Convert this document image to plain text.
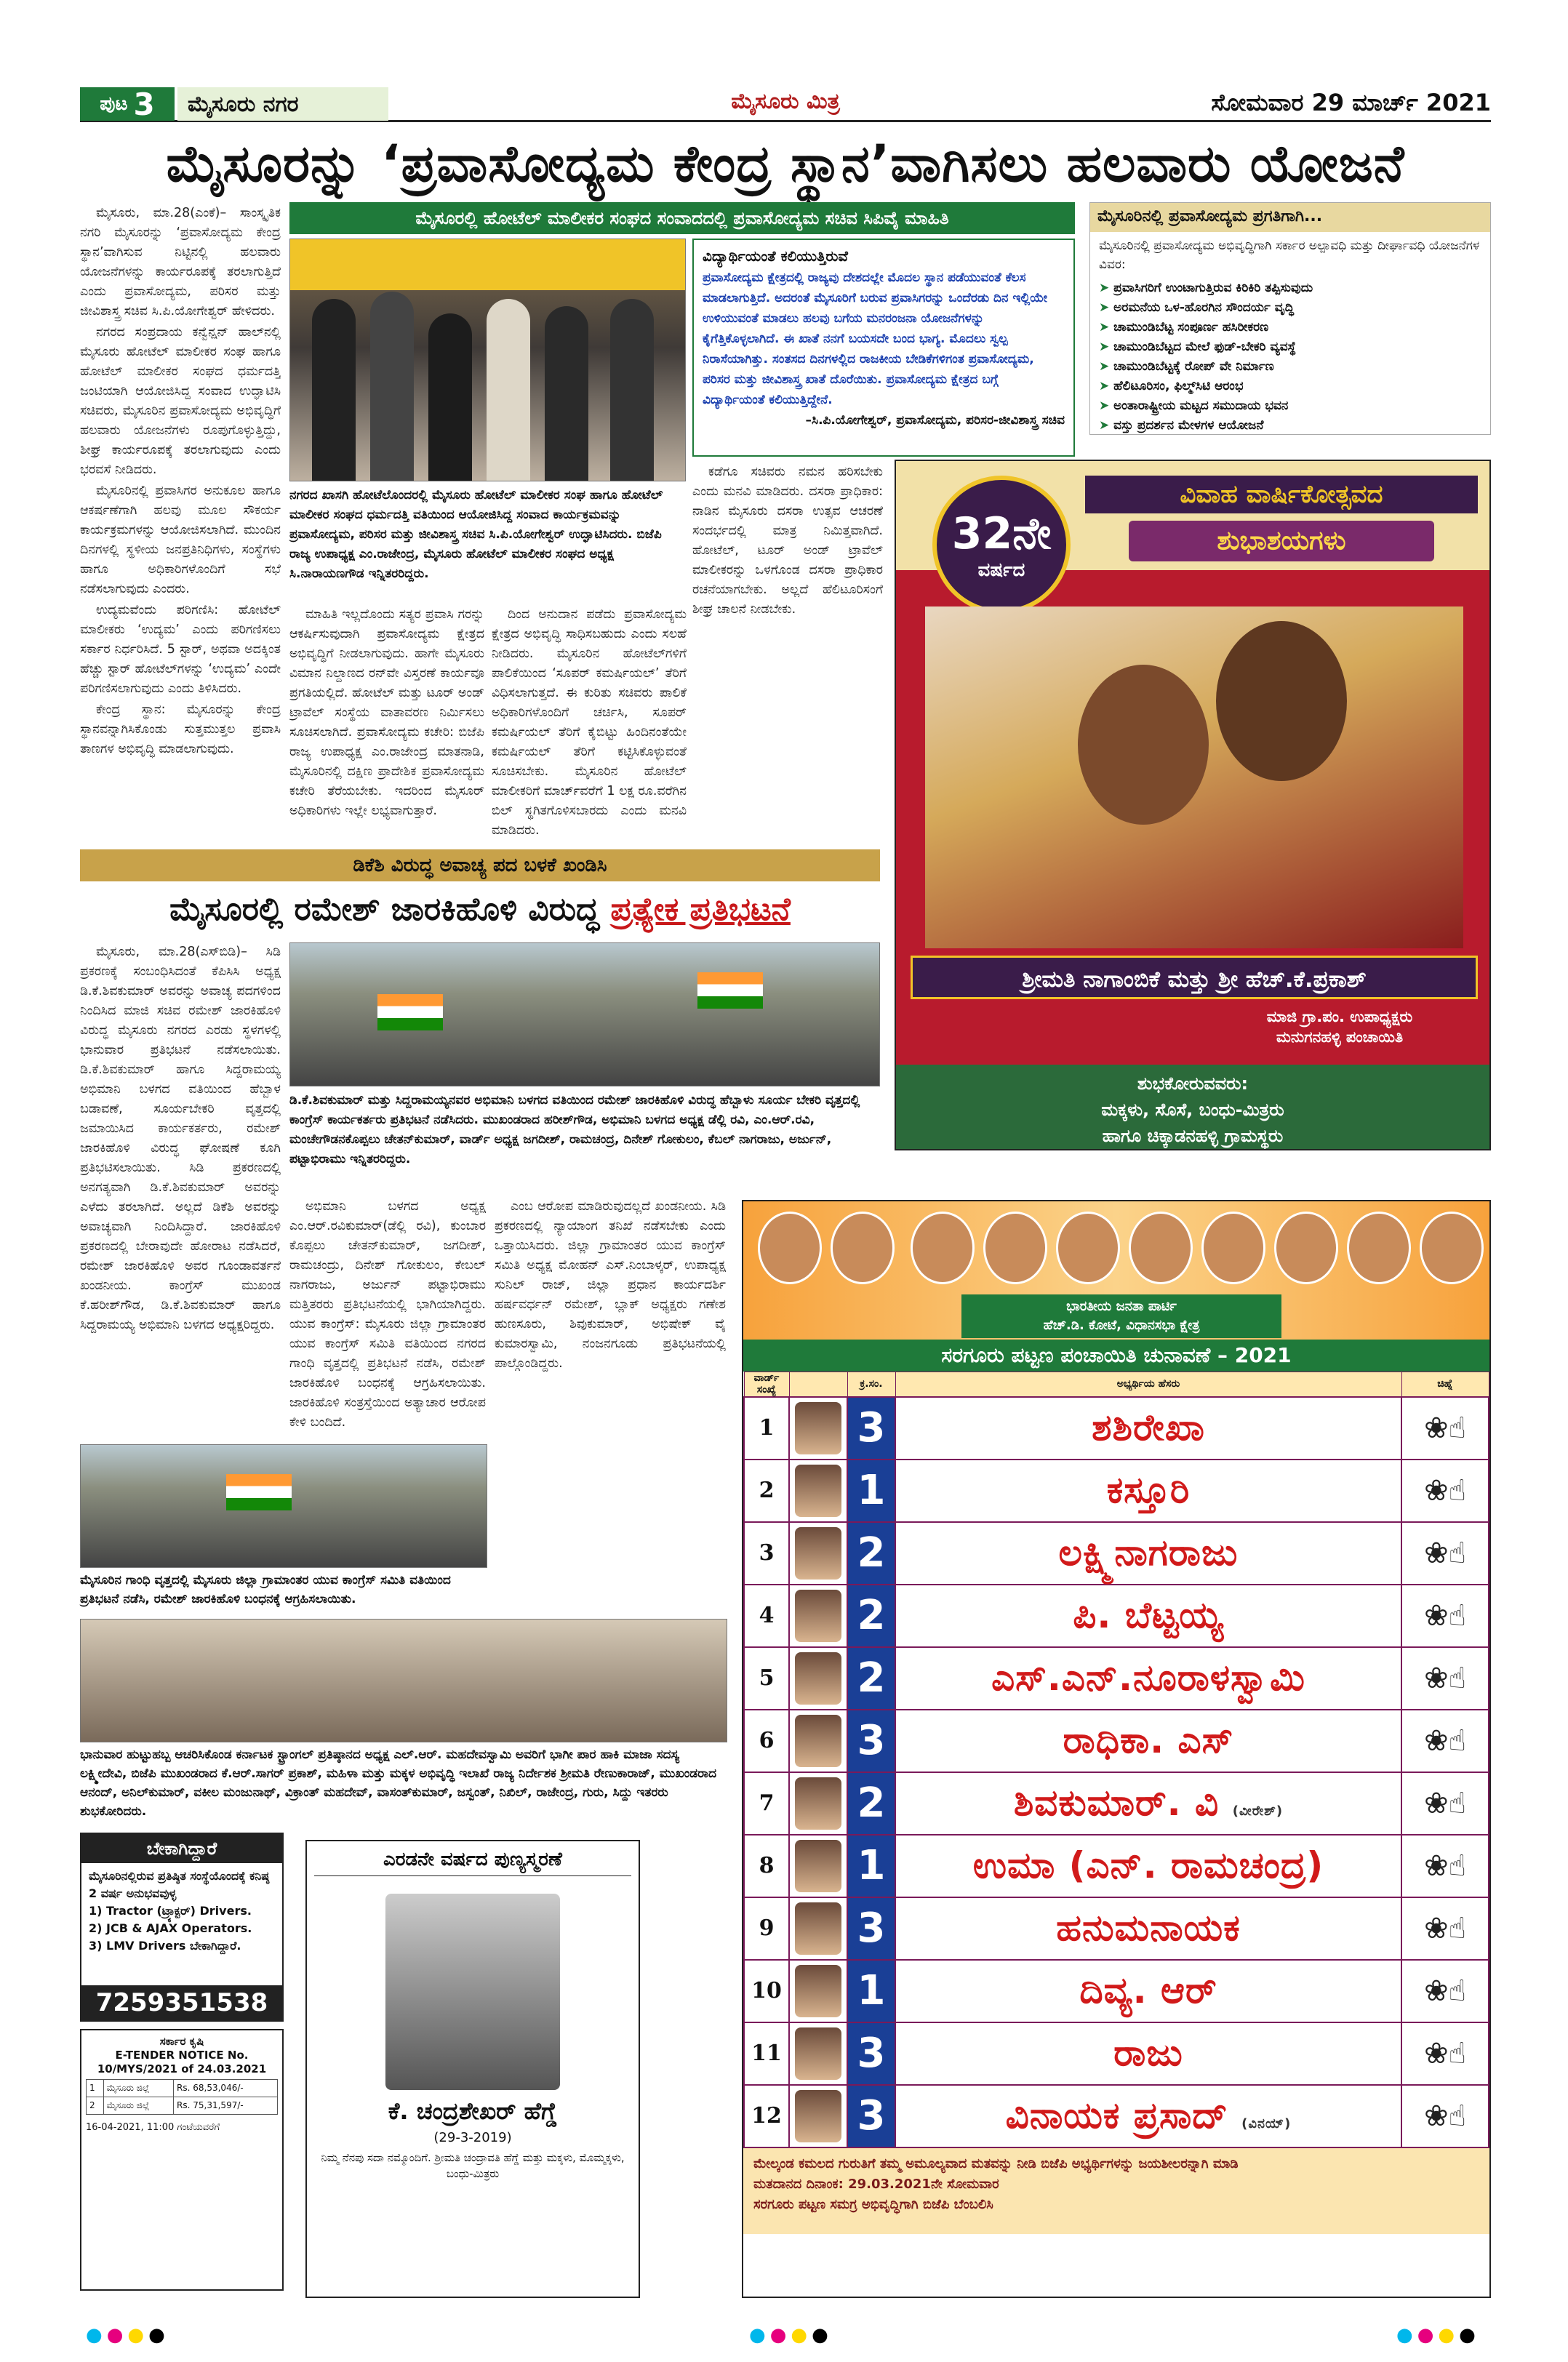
ಪುಟ 3	ಮೈಸೂರು ನಗರ	ಮೈಸೂರು ಮಿತ್ರ	ಸೋಮವಾರ 29 ಮಾರ್ಚ್ 2021
ಮೈಸೂರನ್ನು ‘ಪ್ರವಾಸೋದ್ಯಮ ಕೇಂದ್ರ ಸ್ಥಾನ’ವಾಗಿಸಲು ಹಲವಾರು ಯೋಜನೆ

ಮೈಸೂರು, ಮಾ.28(ಎಂಕೆ)– ಸಾಂಸ್ಕೃತಿಕ ನಗರಿ ಮೈಸೂರನ್ನು ‘ಪ್ರವಾಸೋದ್ಯಮ ಕೇಂದ್ರ ಸ್ಥಾನ’ವಾಗಿಸುವ ನಿಟ್ಟಿನಲ್ಲಿ ಹಲವಾರು ಯೋಜನೆಗಳನ್ನು ಕಾರ್ಯರೂಪಕ್ಕೆ ತರಲಾಗುತ್ತಿದೆ ಎಂದು ಪ್ರವಾಸೋದ್ಯಮ, ಪರಿಸರ ಮತ್ತು ಜೀವಿಶಾಸ್ತ್ರ ಸಚಿವ ಸಿ.ಪಿ.ಯೋಗೇಶ್ವರ್ ಹೇಳಿದರು.

ನಗರದ ಸಂಪ್ರದಾಯ ಕನ್ವೆನ್ಷನ್ ಹಾಲ್‌ನಲ್ಲಿ ಮೈಸೂರು ಹೋಟೆಲ್ ಮಾಲೀಕರ ಸಂಘ ಹಾಗೂ ಹೋಟೆಲ್ ಮಾಲೀಕರ ಸಂಘದ ಧರ್ಮದತ್ತಿ ಜಂಟಿಯಾಗಿ ಆಯೋಜಿಸಿದ್ದ ಸಂವಾದ ಉದ್ಘಾಟಿಸಿ ಸಚಿವರು, ಮೈಸೂರಿನ ಪ್ರವಾಸೋದ್ಯಮ ಅಭಿವೃದ್ಧಿಗೆ ಹಲವಾರು ಯೋಜನೆಗಳು ರೂಪುಗೊಳ್ಳುತ್ತಿದ್ದು, ಶೀಘ್ರ ಕಾರ್ಯರೂಪಕ್ಕೆ ತರಲಾಗುವುದು ಎಂದು ಭರವಸೆ ನೀಡಿದರು.

ಮೈಸೂರಿನಲ್ಲಿ ಪ್ರವಾಸಿಗರ ಅನುಕೂಲ ಹಾಗೂ ಆಕರ್ಷಣೆಗಾಗಿ ಹಲವು ಮೂಲ ಸೌಕರ್ಯ ಕಾರ್ಯಕ್ರಮಗಳನ್ನು ಆಯೋಜಿಸಲಾಗಿದೆ. ಮುಂದಿನ ದಿನಗಳಲ್ಲಿ ಸ್ಥಳೀಯ ಜನಪ್ರತಿನಿಧಿಗಳು, ಸಂಸ್ಥೆಗಳು ಹಾಗೂ ಅಧಿಕಾರಿಗಳೊಂದಿಗೆ ಸಭೆ ನಡೆಸಲಾಗುವುದು ಎಂದರು.

ಉದ್ಯಮವೆಂದು ಪರಿಗಣಿಸಿ: ಹೋಟೆಲ್ ಮಾಲೀಕರು ‘ಉದ್ಯಮ’ ಎಂದು ಪರಿಗಣಿಸಲು ಸರ್ಕಾರ ನಿರ್ಧರಿಸಿದೆ. 5 ಸ್ಟಾರ್, ಅಥವಾ ಅದಕ್ಕಿಂತ ಹೆಚ್ಚು ಸ್ಟಾರ್ ಹೋಟೆಲ್‌ಗಳನ್ನು ‘ಉದ್ಯಮ’ ಎಂದೇ ಪರಿಗಣಿಸಲಾಗುವುದು ಎಂದು ತಿಳಿಸಿದರು.

ಕೇಂದ್ರ ಸ್ಥಾನ: ಮೈಸೂರನ್ನು ಕೇಂದ್ರ ಸ್ಥಾನವನ್ನಾಗಿಸಿಕೊಂಡು ಸುತ್ತಮುತ್ತಲ ಪ್ರವಾಸಿ ತಾಣಗಳ ಅಭಿವೃದ್ಧಿ ಮಾಡಲಾಗುವುದು.

ಮೈಸೂರಲ್ಲಿ ಹೋಟೆಲ್ ಮಾಲೀಕರ ಸಂಘದ ಸಂವಾದದಲ್ಲಿ ಪ್ರವಾಸೋದ್ಯಮ ಸಚಿವ ಸಿಪಿವೈ ಮಾಹಿತಿ
ನಗರದ ಖಾಸಗಿ ಹೋಟೆಲೊಂದರಲ್ಲಿ ಮೈಸೂರು ಹೋಟೆಲ್ ಮಾಲೀಕರ ಸಂಘ ಹಾಗೂ ಹೋಟೆಲ್ ಮಾಲೀಕರ ಸಂಘದ ಧರ್ಮದತ್ತಿ ವತಿಯಿಂದ ಆಯೋಜಿಸಿದ್ದ ಸಂವಾದ ಕಾರ್ಯಕ್ರಮವನ್ನು ಪ್ರವಾಸೋದ್ಯಮ, ಪರಿಸರ ಮತ್ತು ಜೀವಿಶಾಸ್ತ್ರ ಸಚಿವ ಸಿ.ಪಿ.ಯೋಗೇಶ್ವರ್ ಉದ್ಘಾಟಿಸಿದರು. ಬಿಜೆಪಿ ರಾಜ್ಯ ಉಪಾಧ್ಯಕ್ಷ ಎಂ.ರಾಜೇಂದ್ರ, ಮೈಸೂರು ಹೋಟೆಲ್ ಮಾಲೀಕರ ಸಂಘದ ಅಧ್ಯಕ್ಷ ಸಿ.ನಾರಾಯಣಗೌಡ ಇನ್ನಿತರರಿದ್ದರು.
ವಿದ್ಯಾರ್ಥಿಯಂತೆ ಕಲಿಯುತ್ತಿರುವೆ
ಪ್ರವಾಸೋದ್ಯಮ ಕ್ಷೇತ್ರದಲ್ಲಿ ರಾಜ್ಯವು ದೇಶದಲ್ಲೇ ಮೊದಲ ಸ್ಥಾನ ಪಡೆಯುವಂತೆ ಕೆಲಸ ಮಾಡಲಾಗುತ್ತಿದೆ. ಅದರಂತೆ ಮೈಸೂರಿಗೆ ಬರುವ ಪ್ರವಾಸಿಗರನ್ನು ಒಂದೆರಡು ದಿನ ಇಲ್ಲಿಯೇ ಉಳಿಯುವಂತೆ ಮಾಡಲು ಹಲವು ಬಗೆಯ ಮನರಂಜನಾ ಯೋಜನೆಗಳನ್ನು ಕೈಗೆತ್ತಿಕೊಳ್ಳಲಾಗಿದೆ. ಈ ಖಾತೆ ನನಗೆ ಬಯಸದೇ ಬಂದ ಭಾಗ್ಯ. ಮೊದಲು ಸ್ವಲ್ಪ ನಿರಾಸೆಯಾಗಿತ್ತು. ಸಂತಸದ ದಿನಗಳಲ್ಲಿದ ರಾಜಕೀಯ ಬೇಡಿಕೆಗಳಿಗಂತ ಪ್ರವಾಸೋದ್ಯಮ, ಪರಿಸರ ಮತ್ತು ಜೀವಿಶಾಸ್ತ್ರ ಖಾತೆ ದೊರೆಯಿತು. ಪ್ರವಾಸೋದ್ಯಮ ಕ್ಷೇತ್ರದ ಬಗ್ಗೆ ವಿದ್ಯಾರ್ಥಿಯಂತೆ ಕಲಿಯುತ್ತಿದ್ದೇನೆ.
–ಸಿ.ಪಿ.ಯೋಗೇಶ್ವರ್, ಪ್ರವಾಸೋದ್ಯಮ, ಪರಿಸರ-ಜೀವಿಶಾಸ್ತ್ರ ಸಚಿವ

ಕಡೆಗೂ ಸಚಿವರು ನಮನ ಹರಿಸಬೇಕು ಎಂದು ಮನವಿ ಮಾಡಿದರು. ದಸರಾ ಪ್ರಾಧಿಕಾರ: ನಾಡಿನ ಮೈಸೂರು ದಸರಾ ಉತ್ಸವ ಆಚರಣೆ ಸಂದರ್ಭದಲ್ಲಿ ಮಾತ್ರ ನಿಮಿತ್ತವಾಗಿದೆ. ಹೋಟೆಲ್, ಟೂರ್ ಅಂಡ್ ಟ್ರಾವೆಲ್ ಮಾಲೀಕರನ್ನು ಒಳಗೊಂಡ ದಸರಾ ಪ್ರಾಧಿಕಾರ ರಚನೆಯಾಗಬೇಕು. ಅಲ್ಲದೆ ಹೆಲಿಟೂರಿಸಂಗೆ ಶೀಘ್ರ ಚಾಲನೆ ನೀಡಬೇಕು.

ಮಾಹಿತಿ ಇಲ್ಲದೊಂದು ಸತ್ಯರ ಪ್ರವಾಸಿ ಗರನ್ನು ಆಕರ್ಷಿಸುವುದಾಗಿ ಪ್ರವಾಸೋದ್ಯಮ ಕ್ಷೇತ್ರದ ಅಭಿವೃದ್ಧಿಗೆ ನೀಡಲಾಗುವುದು. ಹಾಗೇ ಮೈಸೂರು ವಿಮಾನ ನಿಲ್ದಾಣದ ರನ್‌ವೇ ವಿಸ್ತರಣೆ ಕಾರ್ಯವೂ ಪ್ರಗತಿಯಲ್ಲಿದೆ. ಹೋಟೆಲ್ ಮತ್ತು ಟೂರ್ ಅಂಡ್ ಟ್ರಾವೆಲ್ ಸಂಸ್ಥೆಯ ವಾತಾವರಣ ನಿರ್ಮಿಸಲು ಸೂಚಿಸಲಾಗಿದೆ. ಪ್ರವಾಸೋದ್ಯಮ ಕಚೇರಿ: ಬಿಜೆಪಿ ರಾಜ್ಯ ಉಪಾಧ್ಯಕ್ಷ ಎಂ.ರಾಜೇಂದ್ರ ಮಾತನಾಡಿ, ಮೈಸೂರಿನಲ್ಲಿ ದಕ್ಷಿಣ ಪ್ರಾದೇಶಿಕ ಪ್ರವಾಸೋದ್ಯಮ ಕಚೇರಿ ತೆರೆಯಬೇಕು. ಇದರಿಂದ ಮೈಸೂರ್ ಅಧಿಕಾರಿಗಳು ಇಲ್ಲೇ ಲಭ್ಯವಾಗುತ್ತಾರೆ.

ದಿಂದ ಅನುದಾನ ಪಡೆದು ಪ್ರವಾಸೋದ್ಯಮ ಕ್ಷೇತ್ರದ ಅಭಿವೃದ್ಧಿ ಸಾಧಿಸಬಹುದು ಎಂದು ಸಲಹೆ ನೀಡಿದರು. ಮೈಸೂರಿನ ಹೋಟೆಲ್‌ಗಳಿಗೆ ಪಾಲಿಕೆಯಿಂದ ‘ಸೂಪರ್ ಕಮರ್ಷಿಯಲ್’ ತೆರಿಗೆ ವಿಧಿಸಲಾಗುತ್ತದೆ. ಈ ಕುರಿತು ಸಚಿವರು ಪಾಲಿಕೆ ಅಧಿಕಾರಿಗಳೊಂದಿಗೆ ಚರ್ಚಿಸಿ, ಸೂಪರ್ ಕಮರ್ಷಿಯಲ್ ತೆರಿಗೆ ಕೈಬಿಟ್ಟು ಹಿಂದಿನಂತೆಯೇ ಕಮರ್ಷಿಯಲ್ ತೆರಿಗೆ ಕಟ್ಟಿಸಿಕೊಳ್ಳುವಂತೆ ಸೂಚಿಸಬೇಕು. ಮೈಸೂರಿನ ಹೋಟೆಲ್ ಮಾಲೀಕರಿಗೆ ಮಾರ್ಚ್‌ವರೆಗೆ 1 ಲಕ್ಷ ರೂ.ವರೆಗಿನ ಬಿಲ್ ಸ್ಥಗಿತಗೊಳಿಸಬಾರದು ಎಂದು ಮನವಿ ಮಾಡಿದರು.

ಮೈಸೂರಿನಲ್ಲಿ ಪ್ರವಾಸೋದ್ಯಮ ಪ್ರಗತಿಗಾಗಿ...
ಮೈಸೂರಿನಲ್ಲಿ ಪ್ರವಾಸೋದ್ಯಮ ಅಭಿವೃದ್ಧಿಗಾಗಿ ಸರ್ಕಾರ ಅಲ್ಪಾವಧಿ ಮತ್ತು ದೀರ್ಘಾವಧಿ ಯೋಜನೆಗಳ ವಿವರ:
➤ ಪ್ರವಾಸಿಗರಿಗೆ ಉಂಟಾಗುತ್ತಿರುವ ಕಿರಿಕಿರಿ ತಪ್ಪಿಸುವುದು
➤ ಅರಮನೆಯ ಒಳ-ಹೊರಗಿನ ಸೌಂದರ್ಯ ವೃದ್ಧಿ
➤ ಚಾಮುಂಡಿಬೆಟ್ಟ ಸಂಪೂರ್ಣ ಹಸಿರೀಕರಣ
➤ ಚಾಮುಂಡಿಬೆಟ್ಟದ ಮೇಲೆ ಫುಡ್-ಬೇಕರಿ ವ್ಯವಸ್ಥೆ
➤ ಚಾಮುಂಡಿಬೆಟ್ಟಕ್ಕೆ ರೋಪ್ ವೇ ನಿರ್ಮಾಣ
➤ ಹೆಲಿಟೂರಿಸಂ, ಫಿಲ್ಮ್‌ಸಿಟಿ ಆರಂಭ
➤ ಅಂತಾರಾಷ್ಟ್ರೀಯ ಮಟ್ಟದ ಸಮುದಾಯ ಭವನ
➤ ವಸ್ತು ಪ್ರದರ್ಶನ ಮೇಳಗಳ ಆಯೋಜನೆ
32ನೇ
ವರ್ಷದ
ವಿವಾಹ ವಾರ್ಷಿಕೋತ್ಸವದ
ಶುಭಾಶಯಗಳು
ಶ್ರೀಮತಿ ನಾಗಾಂಬಿಕೆ ಮತ್ತು ಶ್ರೀ ಹೆಚ್.ಕೆ.ಪ್ರಕಾಶ್
ಮಾಜಿ ಗ್ರಾ.ಪಂ. ಉಪಾಧ್ಯಕ್ಷರು
ಮನುಗನಹಳ್ಳಿ ಪಂಚಾಯಿತಿ
ಶುಭಕೋರುವವರು:
ಮಕ್ಕಳು, ಸೊಸೆ, ಬಂಧು-ಮಿತ್ರರು
ಹಾಗೂ ಚಿಕ್ಕಾಡನಹಳ್ಳಿ ಗ್ರಾಮಸ್ಥರು
ಡಿಕೆಶಿ ವಿರುದ್ಧ ಅವಾಚ್ಯ ಪದ ಬಳಕೆ ಖಂಡಿಸಿ
ಮೈಸೂರಲ್ಲಿ ರಮೇಶ್ ಜಾರಕಿಹೊಳಿ ವಿರುದ್ಧ ಪ್ರತ್ಯೇಕ ಪ್ರತಿಭಟನೆ

ಮೈಸೂರು, ಮಾ.28(ಎಸ್‌ಬಿಡಿ)– ಸಿಡಿ ಪ್ರಕರಣಕ್ಕೆ ಸಂಬಂಧಿಸಿದಂತೆ ಕೆಪಿಸಿಸಿ ಅಧ್ಯಕ್ಷ ಡಿ.ಕೆ.ಶಿವಕುಮಾರ್ ಅವರನ್ನು ಅವಾಚ್ಯ ಪದಗಳಿಂದ ನಿಂದಿಸಿದ ಮಾಜಿ ಸಚಿವ ರಮೇಶ್ ಜಾರಕಿಹೊಳಿ ವಿರುದ್ಧ ಮೈಸೂರು ನಗರದ ಎರಡು ಸ್ಥಳಗಳಲ್ಲಿ ಭಾನುವಾರ ಪ್ರತಿಭಟನೆ ನಡೆಸಲಾಯಿತು. ಡಿ.ಕೆ.ಶಿವಕುಮಾರ್ ಹಾಗೂ ಸಿದ್ದರಾಮಯ್ಯ ಅಭಿಮಾನಿ ಬಳಗದ ವತಿಯಿಂದ ಹೆಬ್ಬಾಳ ಬಡಾವಣೆ, ಸೂರ್ಯಬೇಕರಿ ವೃತ್ತದಲ್ಲಿ ಜಮಾಯಿಸಿದ ಕಾರ್ಯಕರ್ತರು, ರಮೇಶ್ ಜಾರಕಿಹೊಳಿ ವಿರುದ್ಧ ಘೋಷಣೆ ಕೂಗಿ ಪ್ರತಿಭಟಿಸಲಾಯಿತು. ಸಿಡಿ ಪ್ರಕರಣದಲ್ಲಿ ಅನಗತ್ಯವಾಗಿ ಡಿ.ಕೆ.ಶಿವಕುಮಾರ್ ಅವರನ್ನು ಎಳೆದು ತರಲಾಗಿದೆ. ಅಲ್ಲದೆ ಡಿಕೆಶಿ ಅವರನ್ನು ಅವಾಚ್ಯವಾಗಿ ನಿಂದಿಸಿದ್ದಾರೆ. ಜಾರಕಿಹೊಳಿ ಪ್ರಕರಣದಲ್ಲಿ ಬೇರಾವುದೇ ಹೋರಾಟ ನಡೆಸಿದರೆ, ರಮೇಶ್ ಜಾರಕಿಹೊಳಿ ಅವರ ಗೂಂಡಾವರ್ತನೆ ಖಂಡನೀಯ. ಕಾಂಗ್ರೆಸ್ ಮುಖಂಡ ಕೆ.ಹರೀಶ್‌ಗೌಡ, ಡಿ.ಕೆ.ಶಿವಕುಮಾರ್ ಹಾಗೂ ಸಿದ್ದರಾಮಯ್ಯ ಅಭಿಮಾನಿ ಬಳಗದ ಅಧ್ಯಕ್ಷರಿದ್ದರು.

ಡಿ.ಕೆ.ಶಿವಕುಮಾರ್ ಮತ್ತು ಸಿದ್ದರಾಮಯ್ಯನವರ ಅಭಿಮಾನಿ ಬಳಗದ ವತಿಯಿಂದ ರಮೇಶ್ ಜಾರಕಿಹೊಳಿ ವಿರುದ್ಧ ಹೆಬ್ಬಾಳು ಸೂರ್ಯ ಬೇಕರಿ ವೃತ್ತದಲ್ಲಿ ಕಾಂಗ್ರೆಸ್ ಕಾರ್ಯಕರ್ತರು ಪ್ರತಿಭಟನೆ ನಡೆಸಿದರು. ಮುಖಂಡರಾದ ಹರೀಶ್‌ಗೌಡ, ಅಭಿಮಾನಿ ಬಳಗದ ಅಧ್ಯಕ್ಷ ಡೆಲ್ಲಿ ರವಿ, ಎಂ.ಆರ್.ರವಿ, ಮಂಚೇಗೌಡನಕೊಪ್ಪಲು ಚೇತನ್‌ಕುಮಾರ್, ವಾರ್ಡ್ ಅಧ್ಯಕ್ಷ ಜಗದೀಶ್, ರಾಮಚಂದ್ರ, ದಿನೇಶ್ ಗೋಕುಲಂ, ಕೆಬಲ್ ನಾಗರಾಜು, ಅರ್ಜುನ್, ಪಟ್ಟಾಭಿರಾಮು ಇನ್ನಿತರರಿದ್ದರು.

ಅಭಿಮಾನಿ ಬಳಗದ ಅಧ್ಯಕ್ಷ ಎಂ.ಆರ್.ರವಿಕುಮಾರ್(ಡೆಲ್ಲಿ ರವಿ), ಕುಂಬಾರ ಕೊಪ್ಪಲು ಚೇತನ್‌ಕುಮಾರ್, ಜಗದೀಶ್, ರಾಮಚಂದ್ರು, ದಿನೇಶ್ ಗೋಕುಲಂ, ಕೇಬಲ್ ನಾಗರಾಜು, ಅರ್ಜುನ್ ಪಟ್ಟಾಭಿರಾಮು ಮತ್ತಿತರರು ಪ್ರತಿಭಟನೆಯಲ್ಲಿ ಭಾಗಿಯಾಗಿದ್ದರು. ಯುವ ಕಾಂಗ್ರೆಸ್: ಮೈಸೂರು ಜಿಲ್ಲಾ ಗ್ರಾಮಾಂತರ ಯುವ ಕಾಂಗ್ರೆಸ್ ಸಮಿತಿ ವತಿಯಿಂದ ನಗರದ ಗಾಂಧಿ ವೃತ್ತದಲ್ಲಿ ಪ್ರತಿಭಟನೆ ನಡೆಸಿ, ರಮೇಶ್ ಜಾರಕಿಹೊಳಿ ಬಂಧನಕ್ಕೆ ಆಗ್ರಹಿಸಲಾಯಿತು. ಜಾರಕಿಹೊಳಿ ಸಂತ್ರಸ್ತೆಯಿಂದ ಅತ್ಯಾಚಾರ ಆರೋಪ ಕೇಳಿ ಬಂದಿದೆ.

ಎಂಬ ಆರೋಪ ಮಾಡಿರುವುದಲ್ಲದೆ ಖಂಡನೀಯ. ಸಿಡಿ ಪ್ರಕರಣದಲ್ಲಿ ನ್ಯಾಯಾಂಗ ತನಿಖೆ ನಡೆಸಬೇಕು ಎಂದು ಒತ್ತಾಯಿಸಿದರು. ಜಿಲ್ಲಾ ಗ್ರಾಮಾಂತರ ಯುವ ಕಾಂಗ್ರೆಸ್ ಸಮಿತಿ ಅಧ್ಯಕ್ಷ ಮೋಹನ್ ಎಸ್.ನಿಂಬಾಳ್ಕರ್, ಉಪಾಧ್ಯಕ್ಷ ಸುನಿಲ್ ರಾಜ್, ಜಿಲ್ಲಾ ಪ್ರಧಾನ ಕಾರ್ಯದರ್ಶಿ ಹರ್ಷವರ್ಧನ್ ರಮೇಶ್, ಬ್ಲಾಕ್ ಅಧ್ಯಕ್ಷರು ಗಣೇಶ ಹುಣಸೂರು, ಶಿವುಕುಮಾರ್, ಅಭಿಷೇಕ್ ವೈ ಕುಮಾರಸ್ವಾಮಿ, ನಂಜನಗೂಡು ಪ್ರತಿಭಟನೆಯಲ್ಲಿ ಪಾಲ್ಗೊಂಡಿದ್ದರು.

ಮೈಸೂರಿನ ಗಾಂಧಿ ವೃತ್ತದಲ್ಲಿ ಮೈಸೂರು ಜಿಲ್ಲಾ ಗ್ರಾಮಾಂತರ ಯುವ ಕಾಂಗ್ರೆಸ್ ಸಮಿತಿ ವತಿಯಿಂದ ಪ್ರತಿಭಟನೆ ನಡೆಸಿ, ರಮೇಶ್ ಜಾರಕಿಹೊಳಿ ಬಂಧನಕ್ಕೆ ಆಗ್ರಹಿಸಲಾಯಿತು.
ಭಾನುವಾರ ಹುಟ್ಟುಹಬ್ಬ ಆಚರಿಸಿಕೊಂಡ ಕರ್ನಾಟಕ ಸ್ಟ್ರಾಂಗಲ್ ಪ್ರತಿಷ್ಠಾನದ ಅಧ್ಯಕ್ಷ ಎಲ್.ಆರ್. ಮಹದೇವಸ್ವಾಮಿ ಅವರಿಗೆ ಭಾಗೀ ಪಾರ ಹಾಕಿ ಮಾಜಾ ಸದಸ್ಯ ಲಕ್ಷ್ಮೀದೇವಿ, ಬಿಜೆಪಿ ಮುಖಂಡರಾದ ಕೆ.ಆರ್.ಸಾಗರ್ ಪ್ರಕಾಶ್, ಮಹಿಳಾ ಮತ್ತು ಮಕ್ಕಳ ಅಭಿವೃದ್ಧಿ ಇಲಾಖೆ ರಾಜ್ಯ ನಿರ್ದೇಶಕ ಶ್ರೀಮತಿ ರೇಣುಕಾರಾಜ್, ಮುಖಂಡರಾದ ಆನಂದ್, ಅನಿಲ್‌ಕುಮಾರ್, ವಕೀಲ ಮಂಜುನಾಥ್, ವಿಕ್ರಾಂತ್ ಮಹದೇವ್, ವಾಸಂತ್‌ಕುಮಾರ್, ಜಸ್ವಂತ್, ನಿಖಿಲ್, ರಾಜೇಂದ್ರ, ಗುರು, ಸಿದ್ದು ಇತರರು ಶುಭಕೋರಿದರು.
ಬೇಕಾಗಿದ್ದಾರೆ
ಮೈಸೂರಿನಲ್ಲಿರುವ ಪ್ರತಿಷ್ಠಿತ ಸಂಸ್ಥೆಯೊಂದಕ್ಕೆ ಕನಿಷ್ಠ 2 ವರ್ಷ ಅನುಭವವುಳ್ಳ
1) Tractor (ಟ್ರ್ಯಾಕ್ಟರ್) Drivers.
2) JCB & AJAX Operators.
3) LMV Drivers ಬೇಕಾಗಿದ್ದಾರೆ.
7259351538
ಸರ್ಕಾರ ಕೃಷಿ
E-TENDER NOTICE No. 10/MYS/2021 of 24.03.2021
1	ಮೈಸೂರು ಜಿಲ್ಲೆ	Rs. 68,53,046/-
2	ಮೈಸೂರು ಜಿಲ್ಲೆ	Rs. 75,31,597/-
16-04-2021, 11:00 ಗಂಟೆಯವರೆಗೆ
ಎರಡನೇ ವರ್ಷದ ಪುಣ್ಯಸ್ಮರಣೆ
ಕೆ. ಚಂದ್ರಶೇಖರ್ ಹೆಗ್ಡೆ
(29-3-2019)
ನಿಮ್ಮ ನೆನಪು ಸದಾ ನಮ್ಮೊಂದಿಗೆ. ಶ್ರೀಮತಿ ಚಂದ್ರಾವತಿ ಹೆಗ್ಡೆ ಮತ್ತು ಮಕ್ಕಳು, ಮೊಮ್ಮಕ್ಕಳು, ಬಂಧು-ಮಿತ್ರರು
ಭಾರತೀಯ ಜನತಾ ಪಾರ್ಟಿ
ಹೆಚ್.ಡಿ. ಕೋಟೆ, ವಿಧಾನಸಭಾ ಕ್ಷೇತ್ರ
ಸರಗೂರು ಪಟ್ಟಣ ಪಂಚಾಯಿತಿ ಚುನಾವಣೆ – 2021
ವಾರ್ಡ್ ಸಂಖ್ಯೆ		ಕ್ರ.ಸಂ.	ಅಭ್ಯರ್ಥಿಯ ಹೆಸರು	ಚಿಹ್ನೆ
1		3	ಶಶಿರೇಖಾ	❀☝
2		1	ಕಸ್ತೂರಿ	❀☝
3		2	ಲಕ್ಷ್ಮಿನಾಗರಾಜು	❀☝
4		2	ಪಿ. ಬೆಟ್ಟಯ್ಯ	❀☝
5		2	ಎಸ್.ಎನ್.ನೂರಾಳಸ್ವಾಮಿ	❀☝
6		3	ರಾಧಿಕಾ. ಎಸ್	❀☝
7		2	ಶಿವಕುಮಾರ್. ವಿ (ವೀರೇಶ್)	❀☝
8		1	ಉಮಾ (ಎನ್. ರಾಮಚಂದ್ರ)	❀☝
9		3	ಹನುಮನಾಯಕ	❀☝
10		1	ದಿವ್ಯ. ಆರ್	❀☝
11		3	ರಾಜು	❀☝
12		3	ವಿನಾಯಕ ಪ್ರಸಾದ್ (ವಿನಯ್)	❀☝
ಮೇಲ್ಕಂಡ ಕಮಲದ ಗುರುತಿಗೆ ತಮ್ಮ ಅಮೂಲ್ಯವಾದ ಮತವನ್ನು ನೀಡಿ ಬಿಜೆಪಿ ಅಭ್ಯರ್ಥಿಗಳನ್ನು ಜಯಶೀಲರನ್ನಾಗಿ ಮಾಡಿ
ಮತದಾನದ ದಿನಾಂಕ: 29.03.2021ನೇ ಸೋಮವಾರ
ಸರಗೂರು ಪಟ್ಟಣ ಸಮಗ್ರ ಅಭಿವೃದ್ಧಿಗಾಗಿ ಬಿಜೆಪಿ ಬೆಂಬಲಿಸಿ
●●●●	●●●●	●●●●
